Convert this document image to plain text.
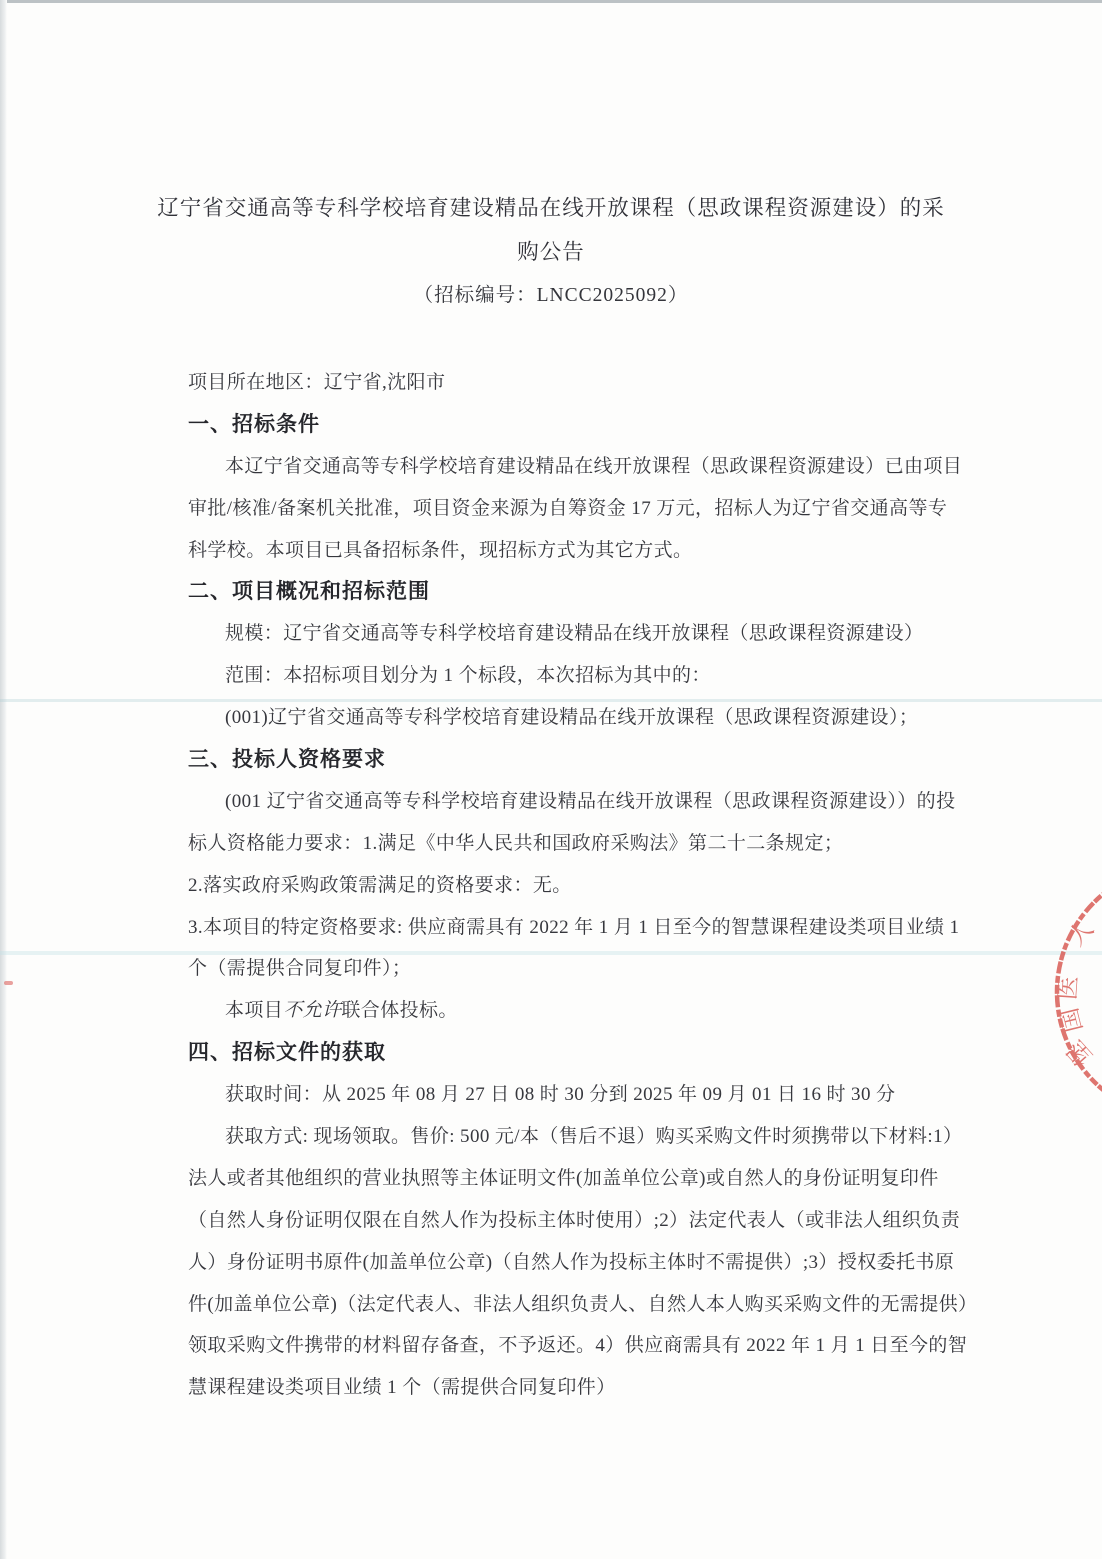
辽宁省交通高等专科学校培育建设精品在线开放课程（思政课程资源建设）的采
购公告
（招标编号：LNCC2025092）
项目所在地区：辽宁省,沈阳市
一、招标条件
本辽宁省交通高等专科学校培育建设精品在线开放课程（思政课程资源建设）已由项目
审批/核准/备案机关批准，项目资金来源为自筹资金 17 万元，招标人为辽宁省交通高等专
科学校。本项目已具备招标条件，现招标方式为其它方式。
二、项目概况和招标范围
规模：辽宁省交通高等专科学校培育建设精品在线开放课程（思政课程资源建设）
范围：本招标项目划分为 1 个标段，本次招标为其中的：
(001)辽宁省交通高等专科学校培育建设精品在线开放课程（思政课程资源建设）；
三、投标人资格要求
(001 辽宁省交通高等专科学校培育建设精品在线开放课程（思政课程资源建设））的投
标人资格能力要求：1.满足《中华人民共和国政府采购法》第二十二条规定；
2.落实政府采购政策需满足的资格要求：无。
3.本项目的特定资格要求: 供应商需具有 2022 年 1 月 1 日至今的智慧课程建设类项目业绩 1
个（需提供合同复印件）；
本项目不允许联合体投标。
四、招标文件的获取
获取时间：从 2025 年 08 月 27 日 08 时 30 分到 2025 年 09 月 01 日 16 时 30 分
获取方式: 现场领取。售价: 500 元/本（售后不退）购买采购文件时须携带以下材料:1）
法人或者其他组织的营业执照等主体证明文件(加盖单位公章)或自然人的身份证明复印件
（自然人身份证明仅限在自然人作为投标主体时使用）;2）法定代表人（或非法人组织负责
人）身份证明书原件(加盖单位公章)（自然人作为投标主体时不需提供）;3）授权委托书原
件(加盖单位公章)（法定代表人、非法人组织负责人、自然人本人购买采购文件的无需提供）
领取采购文件携带的材料留存备查，不予返还。4）供应商需具有 2022 年 1 月 1 日至今的智
慧课程建设类项目业绩 1 个（需提供合同复印件）
人
医
国
堡
